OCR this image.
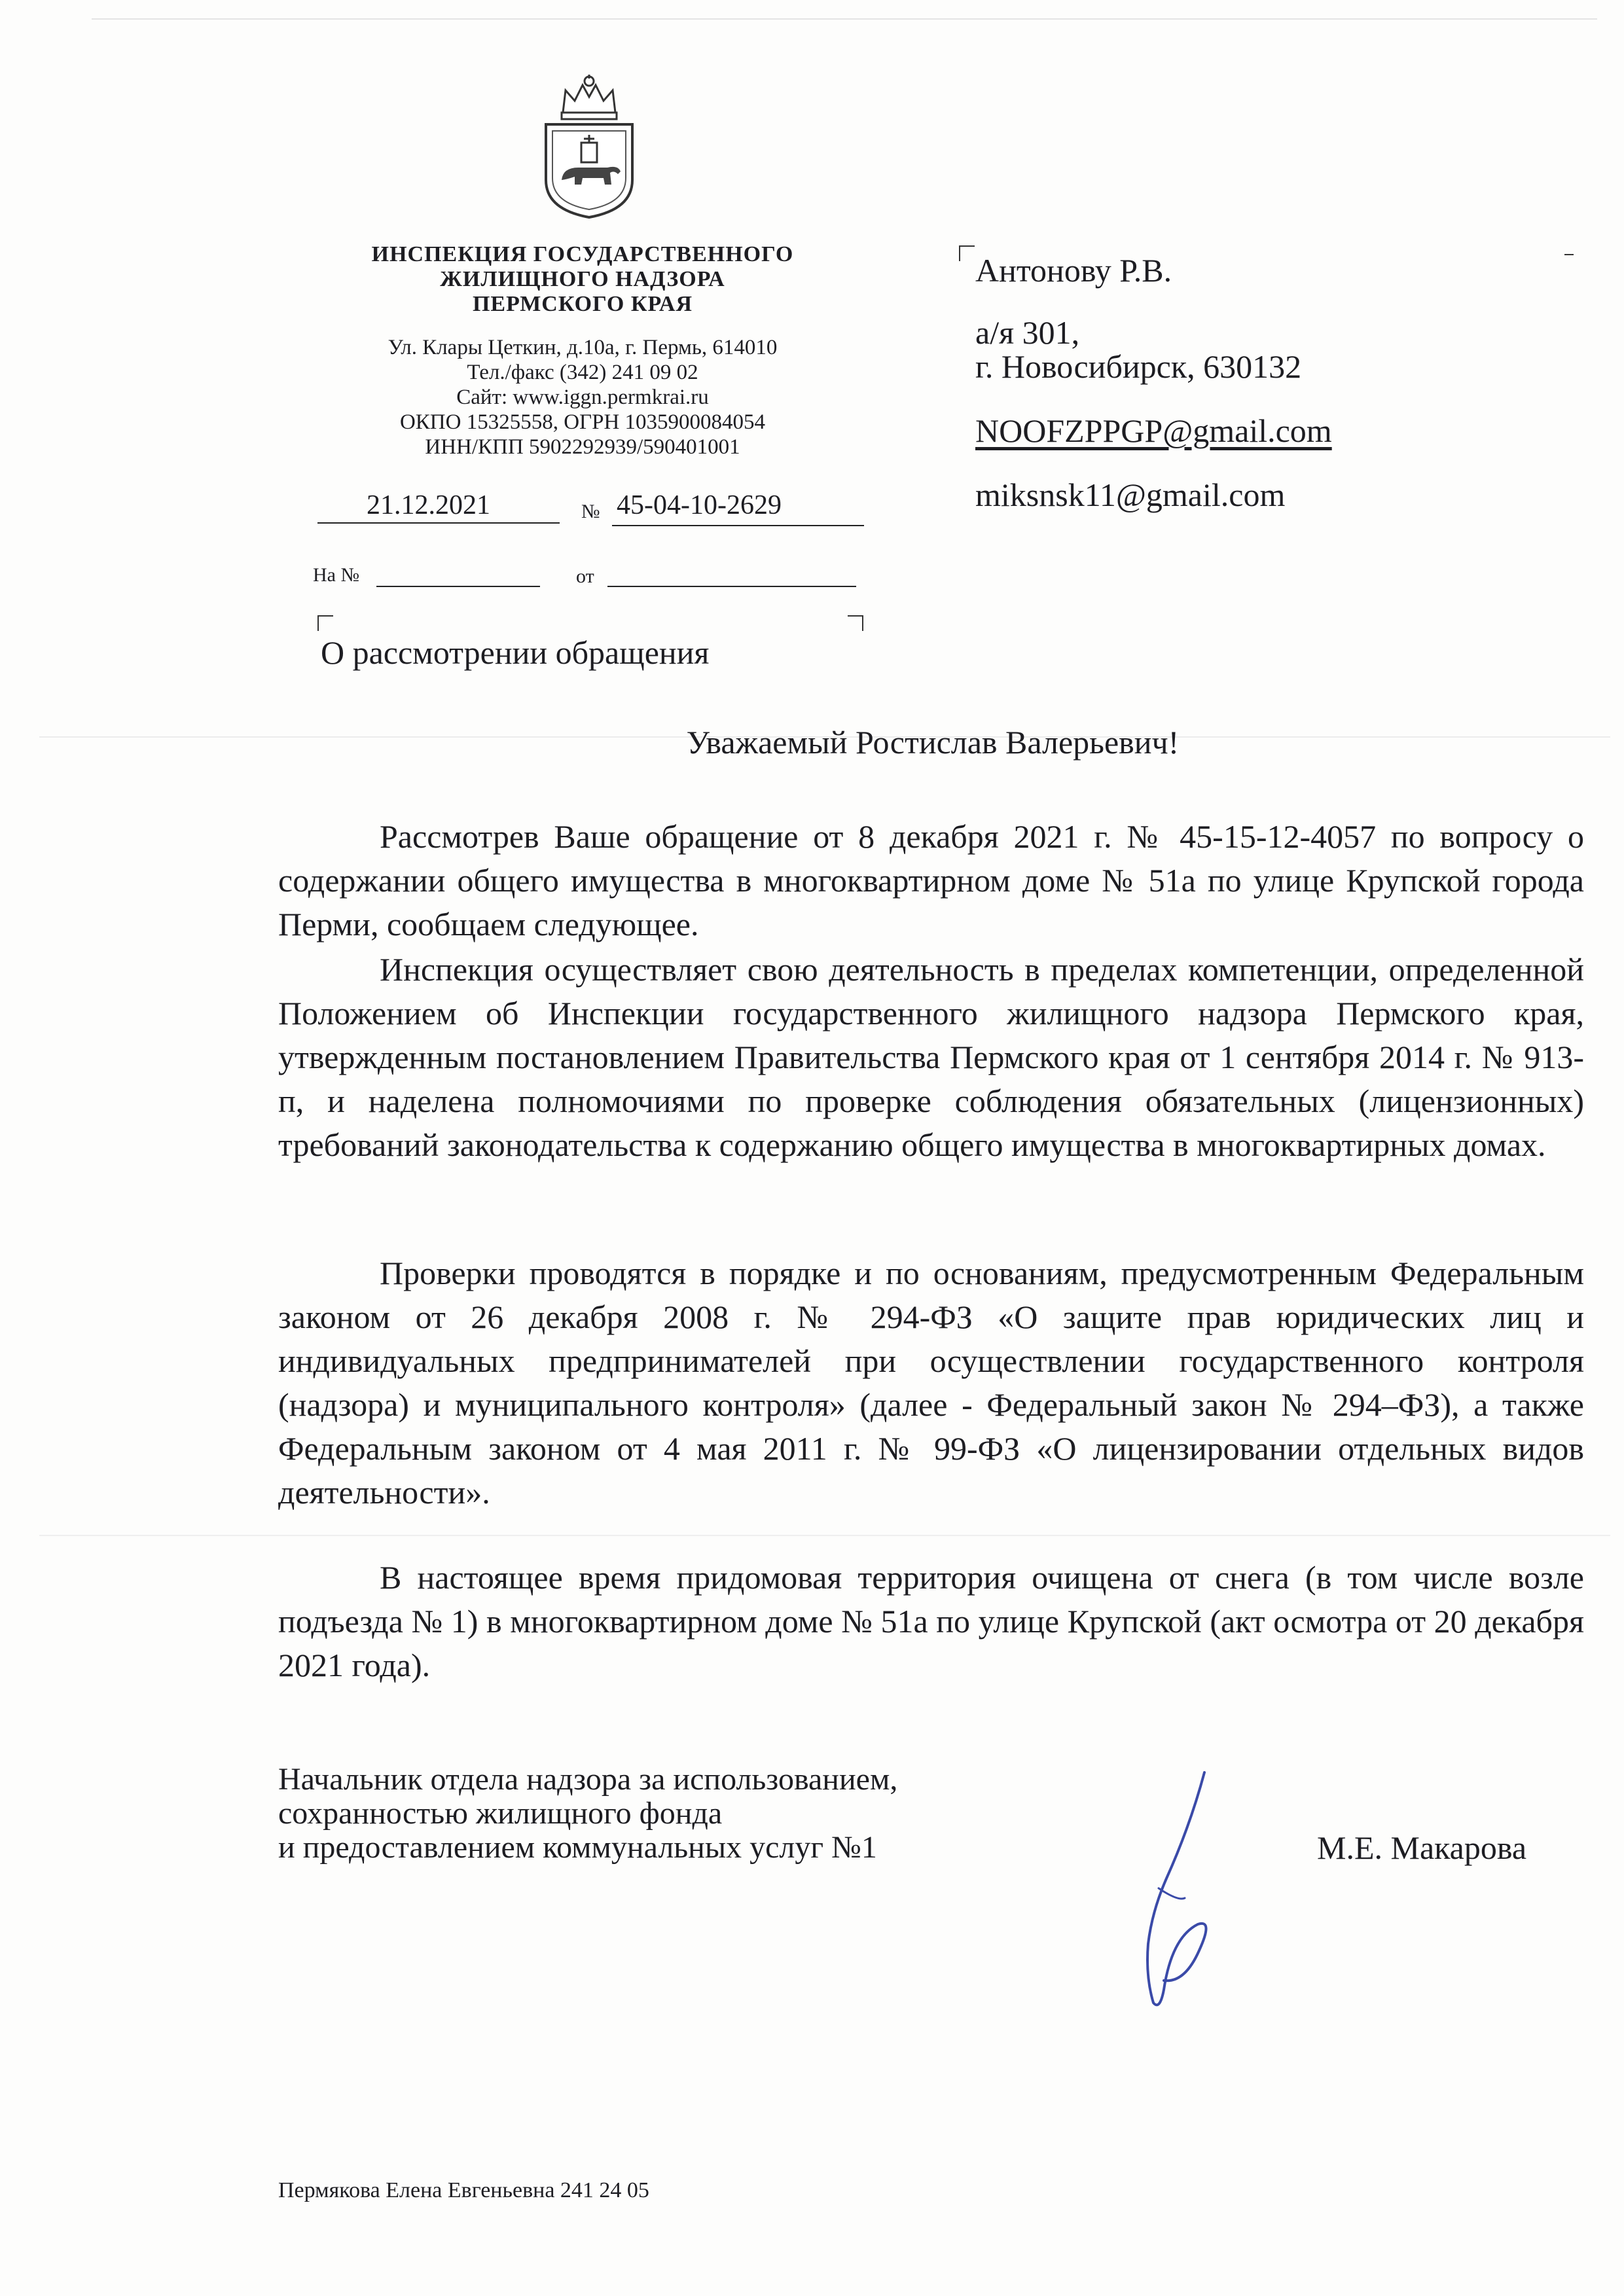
ИНСПЕКЦИЯ ГОСУДАРСТВЕННОГО
ЖИЛИЩНОГО НАДЗОРА
ПЕРМСКОГО КРАЯ
Ул. Клары Цеткин, д.10а, г. Пермь, 614010
Тел./факс (342) 241 09 02
Сайт: www.iggn.permkrai.ru
ОКПО 15325558, ОГРН 1035900084054
ИНН/КПП 5902292939/590401001
21.12.2021	№ 45-04-10-2629
На №	от
О рассмотрении обращения
Антонову Р.В.
а/я 301,
г. Новосибирск, 630132
NOOFZPPGP@gmail.com
miksnsk11@gmail.com
Уважаемый Ростислав Валерьевич!
Рассмотрев Ваше обращение от 8 декабря 2021 г. № 45-15-12-4057 по вопросу о содержании общего имущества в многоквартирном доме № 51а по улице Крупской города Перми, сообщаем следующее.
Инспекция осуществляет свою деятельность в пределах компетенции, определенной Положением об Инспекции государственного жилищного надзора Пермского края, утвержденным постановлением Правительства Пермского края от 1 сентября 2014 г. № 913-п, и наделена полномочиями по проверке соблюдения обязательных (лицензионных) требований законодательства к содержанию общего имущества в многоквартирных домах.
Проверки проводятся в порядке и по основаниям, предусмотренным Федеральным законом от 26 декабря 2008 г. № 294-ФЗ «О защите прав юридических лиц и индивидуальных предпринимателей при осуществлении государственного контроля (надзора) и муниципального контроля» (далее - Федеральный закон № 294–ФЗ), а также Федеральным законом от 4 мая 2011 г. № 99-ФЗ «О лицензировании отдельных видов деятельности».
В настоящее время придомовая территория очищена от снега (в том числе возле подъезда № 1) в многоквартирном доме № 51а по улице Крупской (акт осмотра от 20 декабря 2021 года).
Начальник отдела надзора за использованием,
сохранностью жилищного фонда
и предоставлением коммунальных услуг №1	М.Е. Макарова
Пермякова Елена Евгеньевна 241 24 05
